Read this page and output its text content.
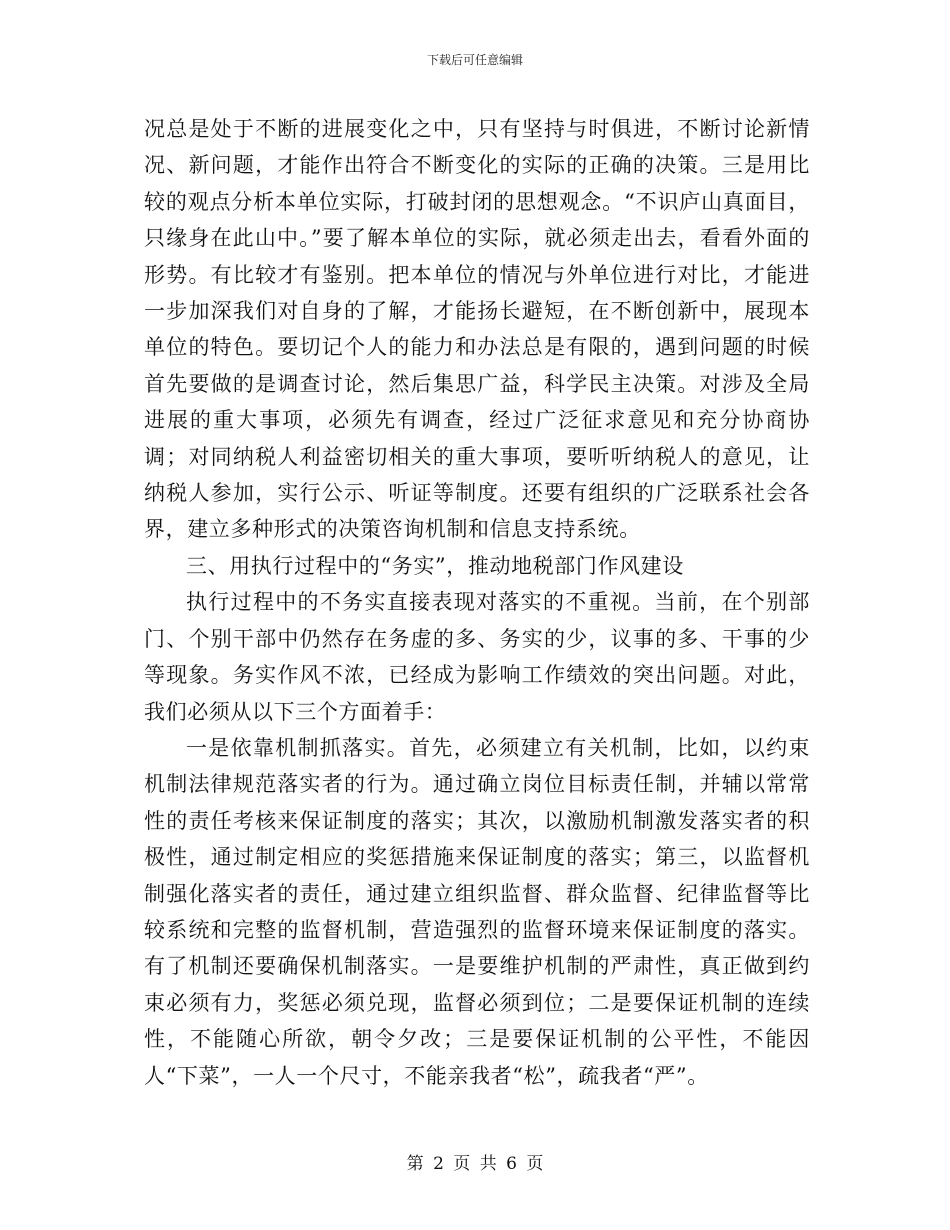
下载后可任意编辑

况总是处于不断的进展变化之中，只有坚持与时俱进，不断讨论新情况、新问题，才能作出符合不断变化的实际的正确的决策。三是用比较的观点分析本单位实际，打破封闭的思想观念。“不识庐山真面目，只缘身在此山中。”要了解本单位的实际，就必须走出去，看看外面的形势。有比较才有鉴别。把本单位的情况与外单位进行对比，才能进一步加深我们对自身的了解，才能扬长避短，在不断创新中，展现本单位的特色。要切记个人的能力和办法总是有限的，遇到问题的时候首先要做的是调查讨论，然后集思广益，科学民主决策。对涉及全局进展的重大事项，必须先有调查，经过广泛征求意见和充分协商协调；对同纳税人利益密切相关的重大事项，要听听纳税人的意见，让纳税人参加，实行公示、听证等制度。还要有组织的广泛联系社会各界，建立多种形式的决策咨询机制和信息支持系统。

三、用执行过程中的“务实”，推动地税部门作风建设

执行过程中的不务实直接表现对落实的不重视。当前，在个别部门、个别干部中仍然存在务虚的多、务实的少，议事的多、干事的少等现象。务实作风不浓，已经成为影响工作绩效的突出问题。对此，我们必须从以下三个方面着手：

一是依靠机制抓落实。首先，必须建立有关机制，比如，以约束机制法律规范落实者的行为。通过确立岗位目标责任制，并辅以常常性的责任考核来保证制度的落实；其次，以激励机制激发落实者的积极性，通过制定相应的奖惩措施来保证制度的落实；第三，以监督机制强化落实者的责任，通过建立组织监督、群众监督、纪律监督等比较系统和完整的监督机制，营造强烈的监督环境来保证制度的落实。有了机制还要确保机制落实。一是要维护机制的严肃性，真正做到约束必须有力，奖惩必须兑现，监督必须到位；二是要保证机制的连续性，不能随心所欲，朝令夕改；三是要保证机制的公平性，不能因人“下菜”，一人一个尺寸，不能亲我者“松”，疏我者“严”。

第 2 页 共 6 页
